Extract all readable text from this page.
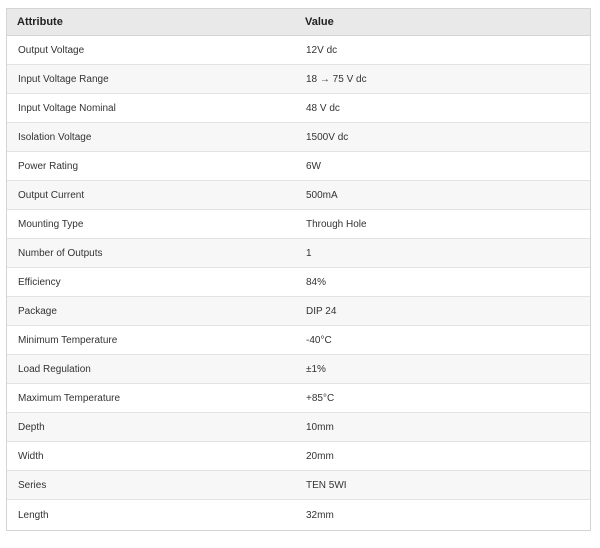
Attribute	Value
Output Voltage	12V dc
Input Voltage Range	18 → 75 V dc
Input Voltage Nominal	48 V dc
Isolation Voltage	1500V dc
Power Rating	6W
Output Current	500mA
Mounting Type	Through Hole
Number of Outputs	1
Efficiency	84%
Package	DIP 24
Minimum Temperature	-40°C
Load Regulation	±1%
Maximum Temperature	+85°C
Depth	10mm
Width	20mm
Series	TEN 5WI
Length	32mm
